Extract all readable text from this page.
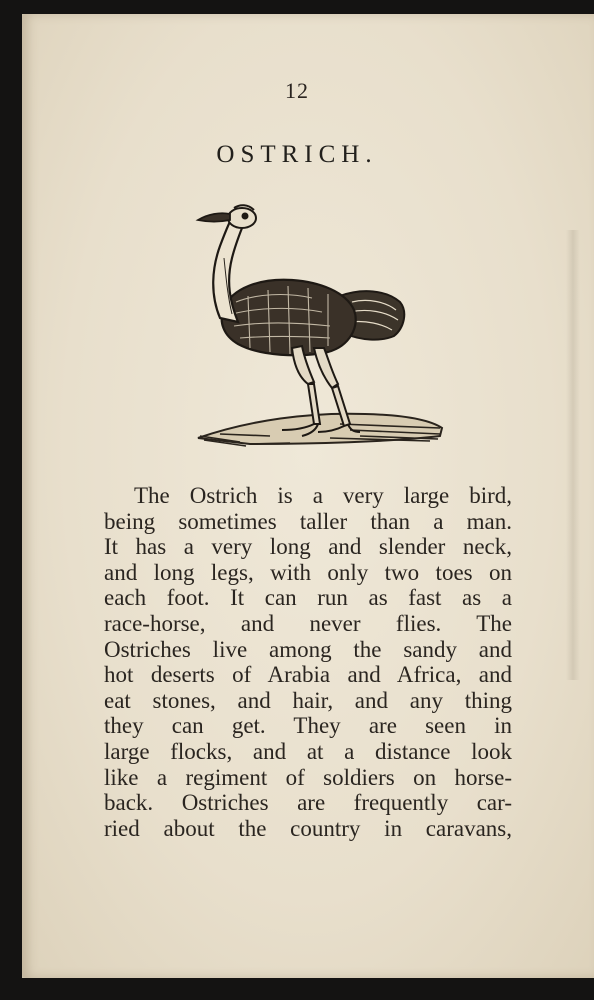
12
OSTRICH.
The Ostrich is a very large bird,
being sometimes taller than a man.
It has a very long and slender neck,
and long legs, with only two toes on
each foot. It can run as fast as a
race-horse, and never flies. The
Ostriches live among the sandy and
hot deserts of Arabia and Africa, and
eat stones, and hair, and any thing
they can get. They are seen in
large flocks, and at a distance look
like a regiment of soldiers on horse-
back. Ostriches are frequently car-
ried about the country in caravans,
